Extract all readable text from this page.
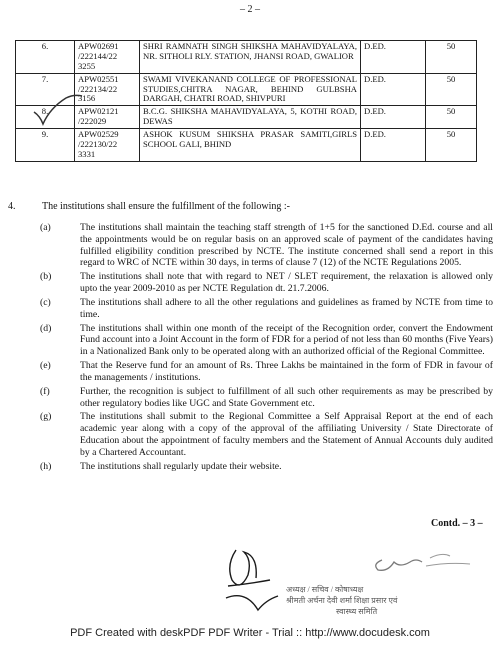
– 2 –
6.	APW02691 /222144/22 3255	SHRI RAMNATH SINGH SHIKSHA MAHAVIDYALAYA, NR. SITHOLI RLY. STATION, JHANSI ROAD, GWALIOR	D.ED.	50
7.	APW02551 /222134/22 3156	SWAMI VIVEKANAND COLLEGE OF PROFESSIONAL STUDIES,CHITRA NAGAR, BEHIND GULBSHA DARGAH, CHATRI ROAD, SHIVPURI	D.ED.	50
8.	APW02121 /222029	B.C.G. SHIKSHA MAHAVIDYALAYA, 5, KOTHI ROAD, DEWAS	D.ED.	50
9.	APW02529 /222130/22 3331	ASHOK KUSUM SHIKSHA PRASAR SAMITI,GIRLS SCHOOL GALI, BHIND	D.ED.	50
4.	The institutions shall ensure the fulfillment of the following :-
(a)	The institutions shall maintain the teaching staff strength of 1+5 for the sanctioned D.Ed. course and all the appointments would be on regular basis on an approved scale of payment of the candidates having fulfilled eligibility condition prescribed by NCTE. The institute concerned shall send a report in this regard to WRC of NCTE within 30 days, in terms of clause 7 (12) of the NCTE Regulations 2005.
(b)	The institutions shall note that with regard to NET / SLET requirement, the relaxation is allowed only upto the year 2009-2010 as per NCTE Regulation dt. 21.7.2006.
(c)	The institutions shall adhere to all the other regulations and guidelines as framed by NCTE from time to time.
(d)	The institutions shall within one month of the receipt of the Recognition order, convert the Endowment Fund account into a Joint Account in the form of FDR for a period of not less than 60 months (Five Years) in a Nationalized Bank only to be operated along with an authorized official of the Regional Committee.
(e)	That the Reserve fund for an amount of Rs. Three Lakhs be maintained in the form of FDR in favour of the managements / institutions.
(f)	Further, the recognition is subject to fulfillment of all such other requirements as may be prescribed by other regulatory bodies like UGC and State Government etc.
(g)	The institutions shall submit to the Regional Committee a Self Appraisal Report at the end of each academic year along with a copy of the approval of the affiliating University / State Directorate of Education about the appointment of faculty members and the Statement of Annual Accounts duly audited by a Chartered Accountant.
(h)	The institutions shall regularly update their website.
Contd. – 3 –
अध्यक्ष / सचिव / कोषाध्यक्ष
श्रीमती अर्चना देवी शर्मा शिक्षा प्रसार एवं
स्वास्थ्य समिति
PDF Created with deskPDF PDF Writer - Trial :: http://www.docudesk.com
